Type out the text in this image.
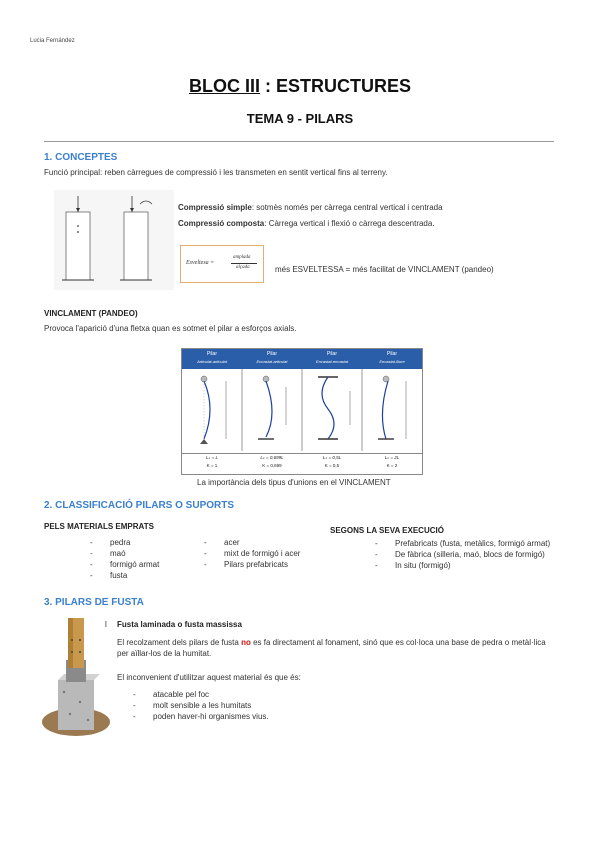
Lucia Fernández
BLOC III : ESTRUCTURES
TEMA 9 - PILARS
1. CONCEPTES
Funció principal: reben càrregues de compressió i les transmeten en sentit vertical fins al terreny.
Compressió simple: sotmès només per càrrega central vertical i centrada
Compressió composta: Càrrega vertical i flexió o càrrega descentrada.
Esveltesa =
amplada
alçada	més ESVELTESSA = més facilitat de VINCLAMENT (pandeo)
VINCLAMENT (PANDEO)
Provoca l'aparició d'una fletxa quan es sotmet el pilar a esforços axials.
Pilar
Articulat-articulat
Lₖ = L
K = 1
Pilar
Encastat-articulat
Lₖ = 0,699L
K = 0,699
Pilar
Encastat-encastat
Lₖ = 0,5L
K = 0,5
Pilar
Encastat-lliure
Lₖ = 2L
K = 2
La importància dels tipus d'unions en el VINCLAMENT
2. CLASSIFICACIÓ PILARS O SUPORTS
PELS MATERIALS EMPRATS
- pedra
- maó
- formigó armat
- fusta
- acer
- mixt de formigó i acer
- Pilars prefabricats
SEGONS LA SEVA EXECUCIÓ
- Prefabricats (fusta, metàlics, formigó armat)
- De fàbrica (silleria, maó, blocs de formigó)
- In situ (formigó)
3. PILARS DE FUSTA
l Fusta laminada o fusta massissa
El recolzament dels pilars de fusta no es fa directament al fonament, sinó que es col·loca una base de pedra o metàl·lica per aïllar-los de la humitat.
El inconvenient d'utilitzar aquest material és que és:
- atacable pel foc
- molt sensible a les humitats
- poden haver-hi organismes vius.
